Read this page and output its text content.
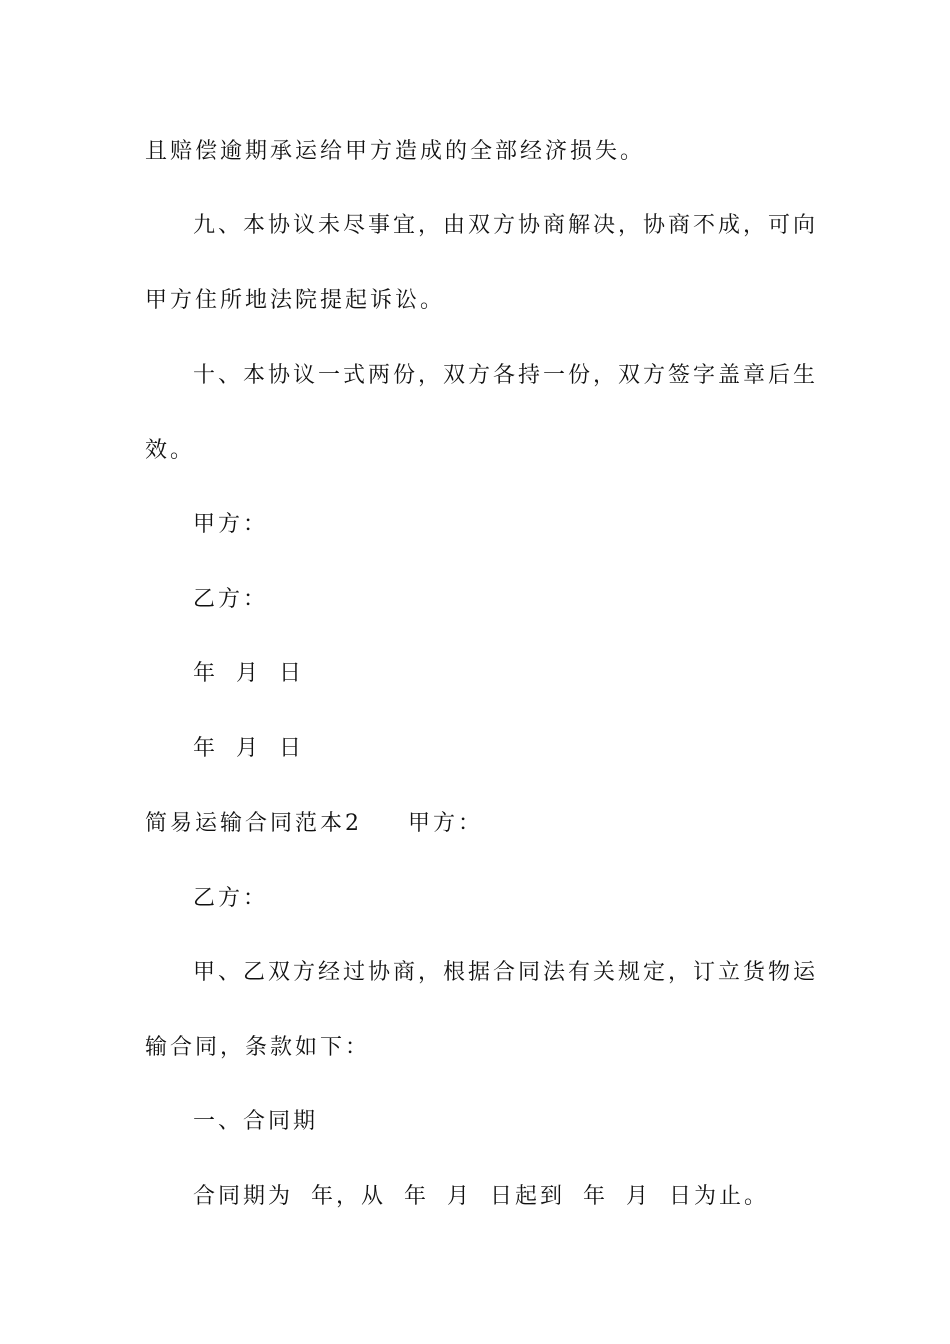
且赔偿逾期承运给甲方造成的全部经济损失。

九、本协议未尽事宜，由双方协商解决，协商不成，可向

甲方住所地法院提起诉讼。

十、本协议一式两份，双方各持一份，双方签字盖章后生

效。

甲方：

乙方：

年 月 日

年 月 日

简易运输合同范本2 甲方：

乙方：

甲、乙双方经过协商，根据合同法有关规定，订立货物运

输合同，条款如下：

一、合同期

合同期为 年，从 年 月 日起到 年 月 日为止。
